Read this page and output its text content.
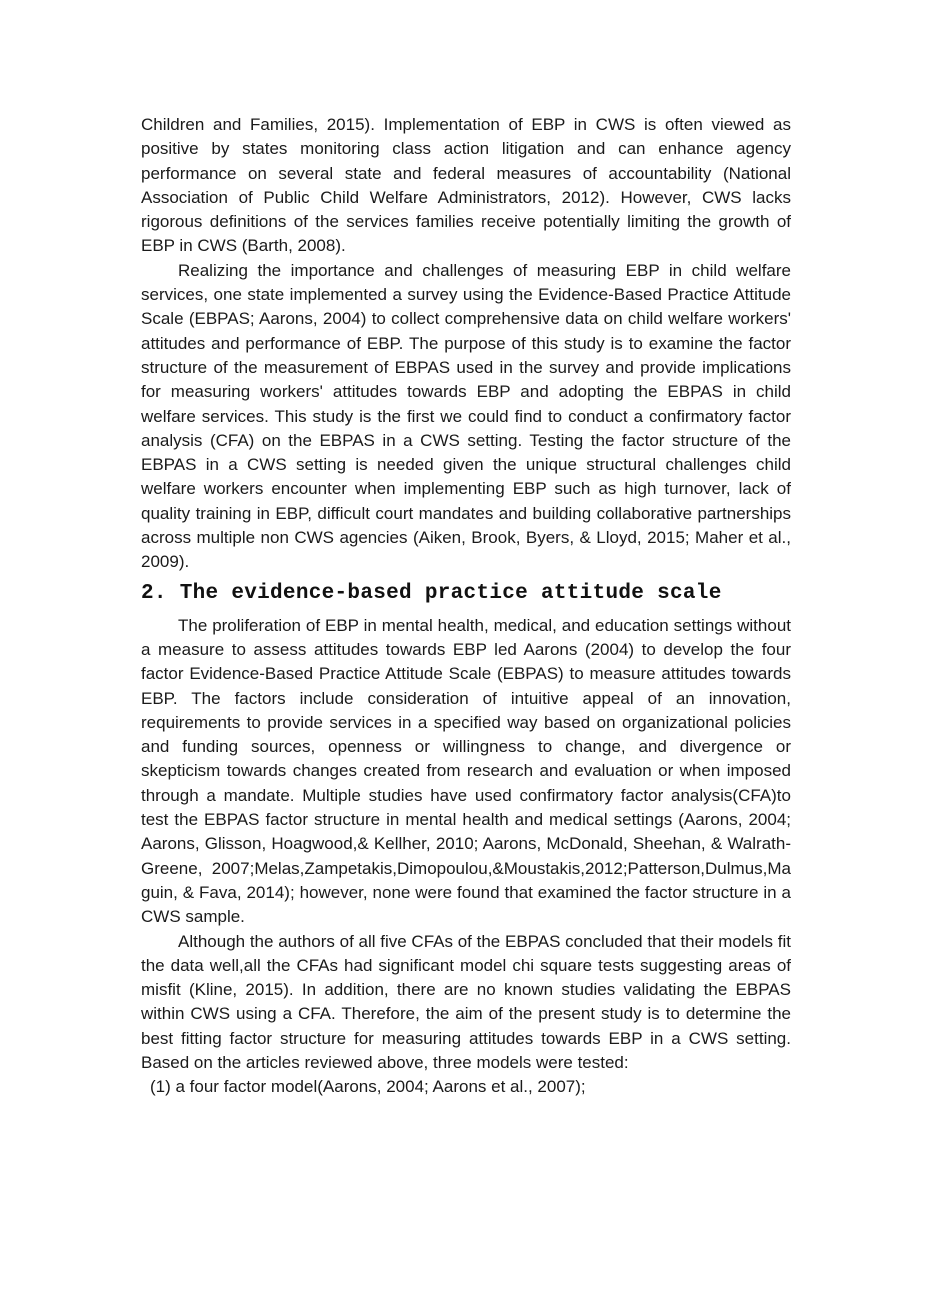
Children and Families, 2015). Implementation of EBP in CWS is often viewed as positive by states monitoring class action litigation and can enhance agency performance on several state and federal measures of accountability (National Association of Public Child Welfare Administrators, 2012). However, CWS lacks rigorous definitions of the services families receive potentially limiting the growth of EBP in CWS (Barth, 2008).

Realizing the importance and challenges of measuring EBP in child welfare services, one state implemented a survey using the Evidence-Based Practice Attitude Scale (EBPAS; Aarons, 2004) to collect comprehensive data on child welfare workers' attitudes and performance of EBP. The purpose of this study is to examine the factor structure of the measurement of EBPAS used in the survey and provide implications for measuring workers' attitudes towards EBP and adopting the EBPAS in child welfare services. This study is the first we could find to conduct a confirmatory factor analysis (CFA) on the EBPAS in a CWS setting. Testing the factor structure of the EBPAS in a CWS setting is needed given the unique structural challenges child welfare workers encounter when implementing EBP such as high turnover, lack of quality training in EBP, difficult court mandates and building collaborative partnerships across multiple non CWS agencies (Aiken, Brook, Byers, & Lloyd, 2015; Maher et al., 2009).

2. The evidence-based practice attitude scale

The proliferation of EBP in mental health, medical, and education settings without a measure to assess attitudes towards EBP led Aarons (2004) to develop the four factor Evidence-Based Practice Attitude Scale (EBPAS) to measure attitudes towards EBP. The factors include consideration of intuitive appeal of an innovation, requirements to provide services in a specified way based on organizational policies and funding sources, openness or willingness to change, and divergence or skepticism towards changes created from research and evaluation or when imposed through a mandate. Multiple studies have used confirmatory factor analysis(CFA)to test the EBPAS factor structure in mental health and medical settings (Aarons, 2004; Aarons, Glisson, Hoagwood,& Kellher, 2010; Aarons, McDonald, Sheehan, & Walrath-Greene, 2007;Melas,Zampetakis,Dimopoulou,&Moustakis,2012;Patterson,Dulmus,Ma guin, & Fava, 2014); however, none were found that examined the factor structure in a CWS sample.

Although the authors of all five CFAs of the EBPAS concluded that their models fit the data well,all the CFAs had significant model chi square tests suggesting areas of misfit (Kline, 2015). In addition, there are no known studies validating the EBPAS within CWS using a CFA. Therefore, the aim of the present study is to determine the best fitting factor structure for measuring attitudes towards EBP in a CWS setting. Based on the articles reviewed above, three models were tested:

(1) a four factor model(Aarons, 2004; Aarons et al., 2007);
